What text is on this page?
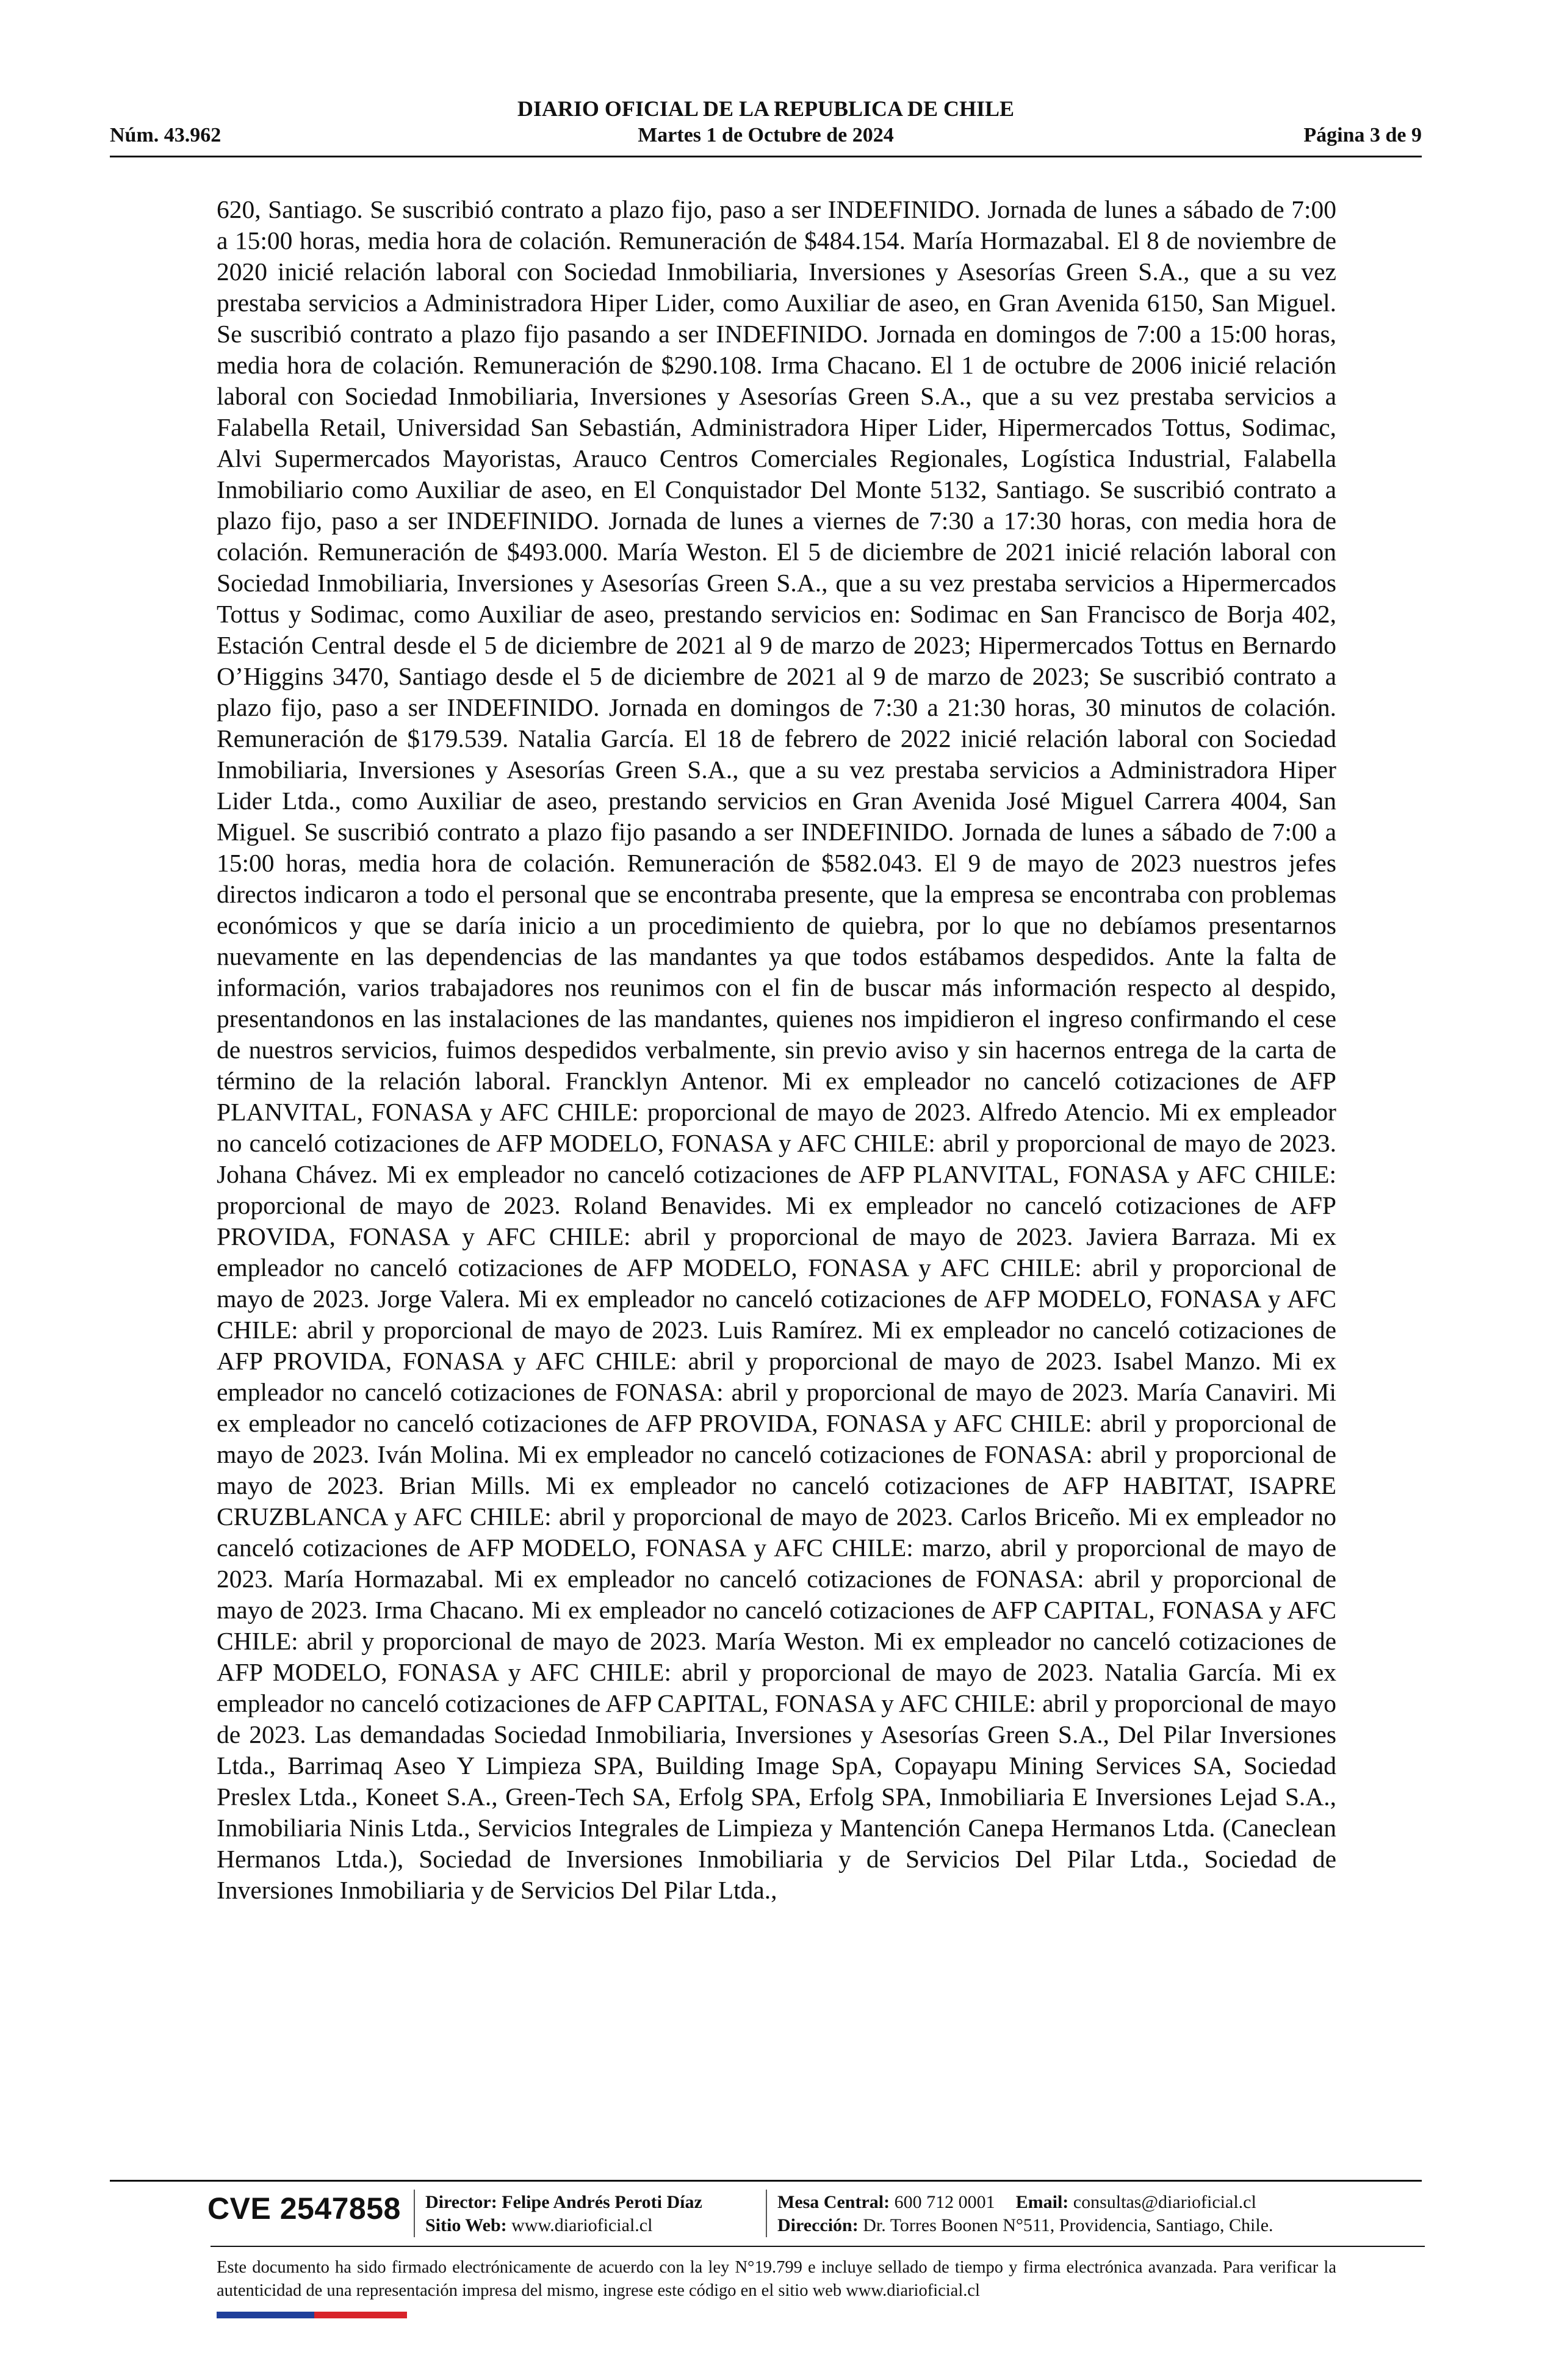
DIARIO OFICIAL DE LA REPUBLICA DE CHILE
Núm. 43.962	Martes 1 de Octubre de 2024	Página 3 de 9

620, Santiago. Se suscribió contrato a plazo fijo, paso a ser INDEFINIDO. Jornada de lunes a sábado de 7:00 a 15:00 horas, media hora de colación. Remuneración de $484.154. María Hormazabal. El 8 de noviembre de 2020 inicié relación laboral con Sociedad Inmobiliaria, Inversiones y Asesorías Green S.A., que a su vez prestaba servicios a Administradora Hiper Lider, como Auxiliar de aseo, en Gran Avenida 6150, San Miguel. Se suscribió contrato a plazo fijo pasando a ser INDEFINIDO. Jornada en domingos de 7:00 a 15:00 horas, media hora de colación. Remuneración de $290.108. Irma Chacano. El 1 de octubre de 2006 inicié relación laboral con Sociedad Inmobiliaria, Inversiones y Asesorías Green S.A., que a su vez prestaba servicios a Falabella Retail, Universidad San Sebastián, Administradora Hiper Lider, Hipermercados Tottus, Sodimac, Alvi Supermercados Mayoristas, Arauco Centros Comerciales Regionales, Logística Industrial, Falabella Inmobiliario como Auxiliar de aseo, en El Conquistador Del Monte 5132, Santiago. Se suscribió contrato a plazo fijo, paso a ser INDEFINIDO. Jornada de lunes a viernes de 7:30 a 17:30 horas, con media hora de colación. Remuneración de $493.000. María Weston. El 5 de diciembre de 2021 inicié relación laboral con Sociedad Inmobiliaria, Inversiones y Asesorías Green S.A., que a su vez prestaba servicios a Hipermercados Tottus y Sodimac, como Auxiliar de aseo, prestando servicios en: Sodimac en San Francisco de Borja 402, Estación Central desde el 5 de diciembre de 2021 al 9 de marzo de 2023; Hipermercados Tottus en Bernardo O’Higgins 3470, Santiago desde el 5 de diciembre de 2021 al 9 de marzo de 2023; Se suscribió contrato a plazo fijo, paso a ser INDEFINIDO. Jornada en domingos de 7:30 a 21:30 horas, 30 minutos de colación. Remuneración de $179.539. Natalia García. El 18 de febrero de 2022 inicié relación laboral con Sociedad Inmobiliaria, Inversiones y Asesorías Green S.A., que a su vez prestaba servicios a Administradora Hiper Lider Ltda., como Auxiliar de aseo, prestando servicios en Gran Avenida José Miguel Carrera 4004, San Miguel. Se suscribió contrato a plazo fijo pasando a ser INDEFINIDO. Jornada de lunes a sábado de 7:00 a 15:00 horas, media hora de colación. Remuneración de $582.043. El 9 de mayo de 2023 nuestros jefes directos indicaron a todo el personal que se encontraba presente, que la empresa se encontraba con problemas económicos y que se daría inicio a un procedimiento de quiebra, por lo que no debíamos presentarnos nuevamente en las dependencias de las mandantes ya que todos estábamos despedidos. Ante la falta de información, varios trabajadores nos reunimos con el fin de buscar más información respecto al despido, presentandonos en las instalaciones de las mandantes, quienes nos impidieron el ingreso confirmando el cese de nuestros servicios, fuimos despedidos verbalmente, sin previo aviso y sin hacernos entrega de la carta de término de la relación laboral. Francklyn Antenor. Mi ex empleador no canceló cotizaciones de AFP PLANVITAL, FONASA y AFC CHILE: proporcional de mayo de 2023. Alfredo Atencio. Mi ex empleador no canceló cotizaciones de AFP MODELO, FONASA y AFC CHILE: abril y proporcional de mayo de 2023. Johana Chávez. Mi ex empleador no canceló cotizaciones de AFP PLANVITAL, FONASA y AFC CHILE: proporcional de mayo de 2023. Roland Benavides. Mi ex empleador no canceló cotizaciones de AFP PROVIDA, FONASA y AFC CHILE: abril y proporcional de mayo de 2023. Javiera Barraza. Mi ex empleador no canceló cotizaciones de AFP MODELO, FONASA y AFC CHILE: abril y proporcional de mayo de 2023. Jorge Valera. Mi ex empleador no canceló cotizaciones de AFP MODELO, FONASA y AFC CHILE: abril y proporcional de mayo de 2023. Luis Ramírez. Mi ex empleador no canceló cotizaciones de AFP PROVIDA, FONASA y AFC CHILE: abril y proporcional de mayo de 2023. Isabel Manzo. Mi ex empleador no canceló cotizaciones de FONASA: abril y proporcional de mayo de 2023. María Canaviri. Mi ex empleador no canceló cotizaciones de AFP PROVIDA, FONASA y AFC CHILE: abril y proporcional de mayo de 2023. Iván Molina. Mi ex empleador no canceló cotizaciones de FONASA: abril y proporcional de mayo de 2023. Brian Mills. Mi ex empleador no canceló cotizaciones de AFP HABITAT, ISAPRE CRUZBLANCA y AFC CHILE: abril y proporcional de mayo de 2023. Carlos Briceño. Mi ex empleador no canceló cotizaciones de AFP MODELO, FONASA y AFC CHILE: marzo, abril y proporcional de mayo de 2023. María Hormazabal. Mi ex empleador no canceló cotizaciones de FONASA: abril y proporcional de mayo de 2023. Irma Chacano. Mi ex empleador no canceló cotizaciones de AFP CAPITAL, FONASA y AFC CHILE: abril y proporcional de mayo de 2023. María Weston. Mi ex empleador no canceló cotizaciones de AFP MODELO, FONASA y AFC CHILE: abril y proporcional de mayo de 2023. Natalia García. Mi ex empleador no canceló cotizaciones de AFP CAPITAL, FONASA y AFC CHILE: abril y proporcional de mayo de 2023. Las demandadas Sociedad Inmobiliaria, Inversiones y Asesorías Green S.A., Del Pilar Inversiones Ltda., Barrimaq Aseo Y Limpieza SPA, Building Image SpA, Copayapu Mining Services SA, Sociedad Preslex Ltda., Koneet S.A., Green-Tech SA, Erfolg SPA, Erfolg SPA, Inmobiliaria E Inversiones Lejad S.A., Inmobiliaria Ninis Ltda., Servicios Integrales de Limpieza y Mantención Canepa Hermanos Ltda. (Caneclean Hermanos Ltda.), Sociedad de Inversiones Inmobiliaria y de Servicios Del Pilar Ltda., Sociedad de Inversiones Inmobiliaria y de Servicios Del Pilar Ltda.,

CVE 2547858 Director: Felipe Andrés Peroti Díaz
Sitio Web: www.diarioficial.cl
Mesa Central: 600 712 0001 Email: consultas@diarioficial.cl
Dirección: Dr. Torres Boonen N°511, Providencia, Santiago, Chile.
Este documento ha sido firmado electrónicamente de acuerdo con la ley N°19.799 e incluye sellado de tiempo y firma electrónica avanzada. Para verificar la autenticidad de una representación impresa del mismo, ingrese este código en el sitio web www.diarioficial.cl
